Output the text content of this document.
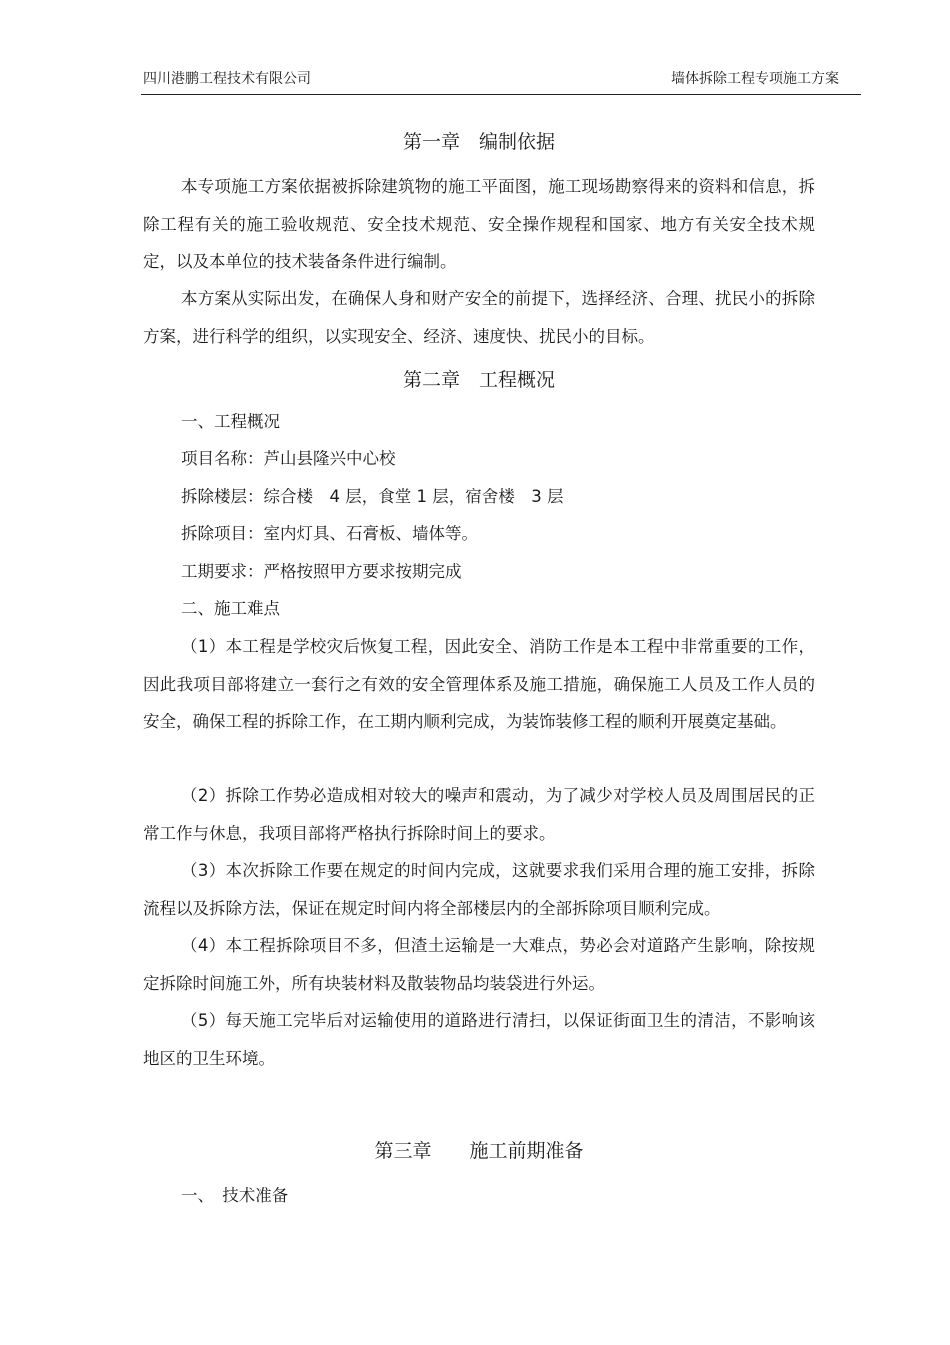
四川港鹏工程技术有限公司	墙体拆除工程专项施工方案
第一章　编制依据
本专项施工方案依据被拆除建筑物的施工平面图，施工现场勘察得来的资料和信息，拆除工程有关的施工验收规范、安全技术规范、安全操作规程和国家、地方有关安全技术规定，以及本单位的技术装备条件进行编制。
本方案从实际出发，在确保人身和财产安全的前提下，选择经济、合理、扰民小的拆除方案，进行科学的组织，以实现安全、经济、速度快、扰民小的目标。
第二章　工程概况
一、工程概况
项目名称：芦山县隆兴中心校
拆除楼层：综合楼　4 层，食堂 1 层，宿舍楼　3 层
拆除项目：室内灯具、石膏板、墙体等。
工期要求：严格按照甲方要求按期完成
二、施工难点
（1）本工程是学校灾后恢复工程，因此安全、消防工作是本工程中非常重要的工作，因此我项目部将建立一套行之有效的安全管理体系及施工措施，确保施工人员及工作人员的安全，确保工程的拆除工作，在工期内顺利完成，为装饰装修工程的顺利开展奠定基础。
（2）拆除工作势必造成相对较大的噪声和震动，为了减少对学校人员及周围居民的正常工作与休息，我项目部将严格执行拆除时间上的要求。
（3）本次拆除工作要在规定的时间内完成，这就要求我们采用合理的施工安排，拆除流程以及拆除方法，保证在规定时间内将全部楼层内的全部拆除项目顺利完成。
（4）本工程拆除项目不多，但渣土运输是一大难点，势必会对道路产生影响，除按规定拆除时间施工外，所有块装材料及散装物品均装袋进行外运。
（5）每天施工完毕后对运输使用的道路进行清扫，以保证街面卫生的清洁，不影响该地区的卫生环境。
第三章　　施工前期准备
一、　技术准备
